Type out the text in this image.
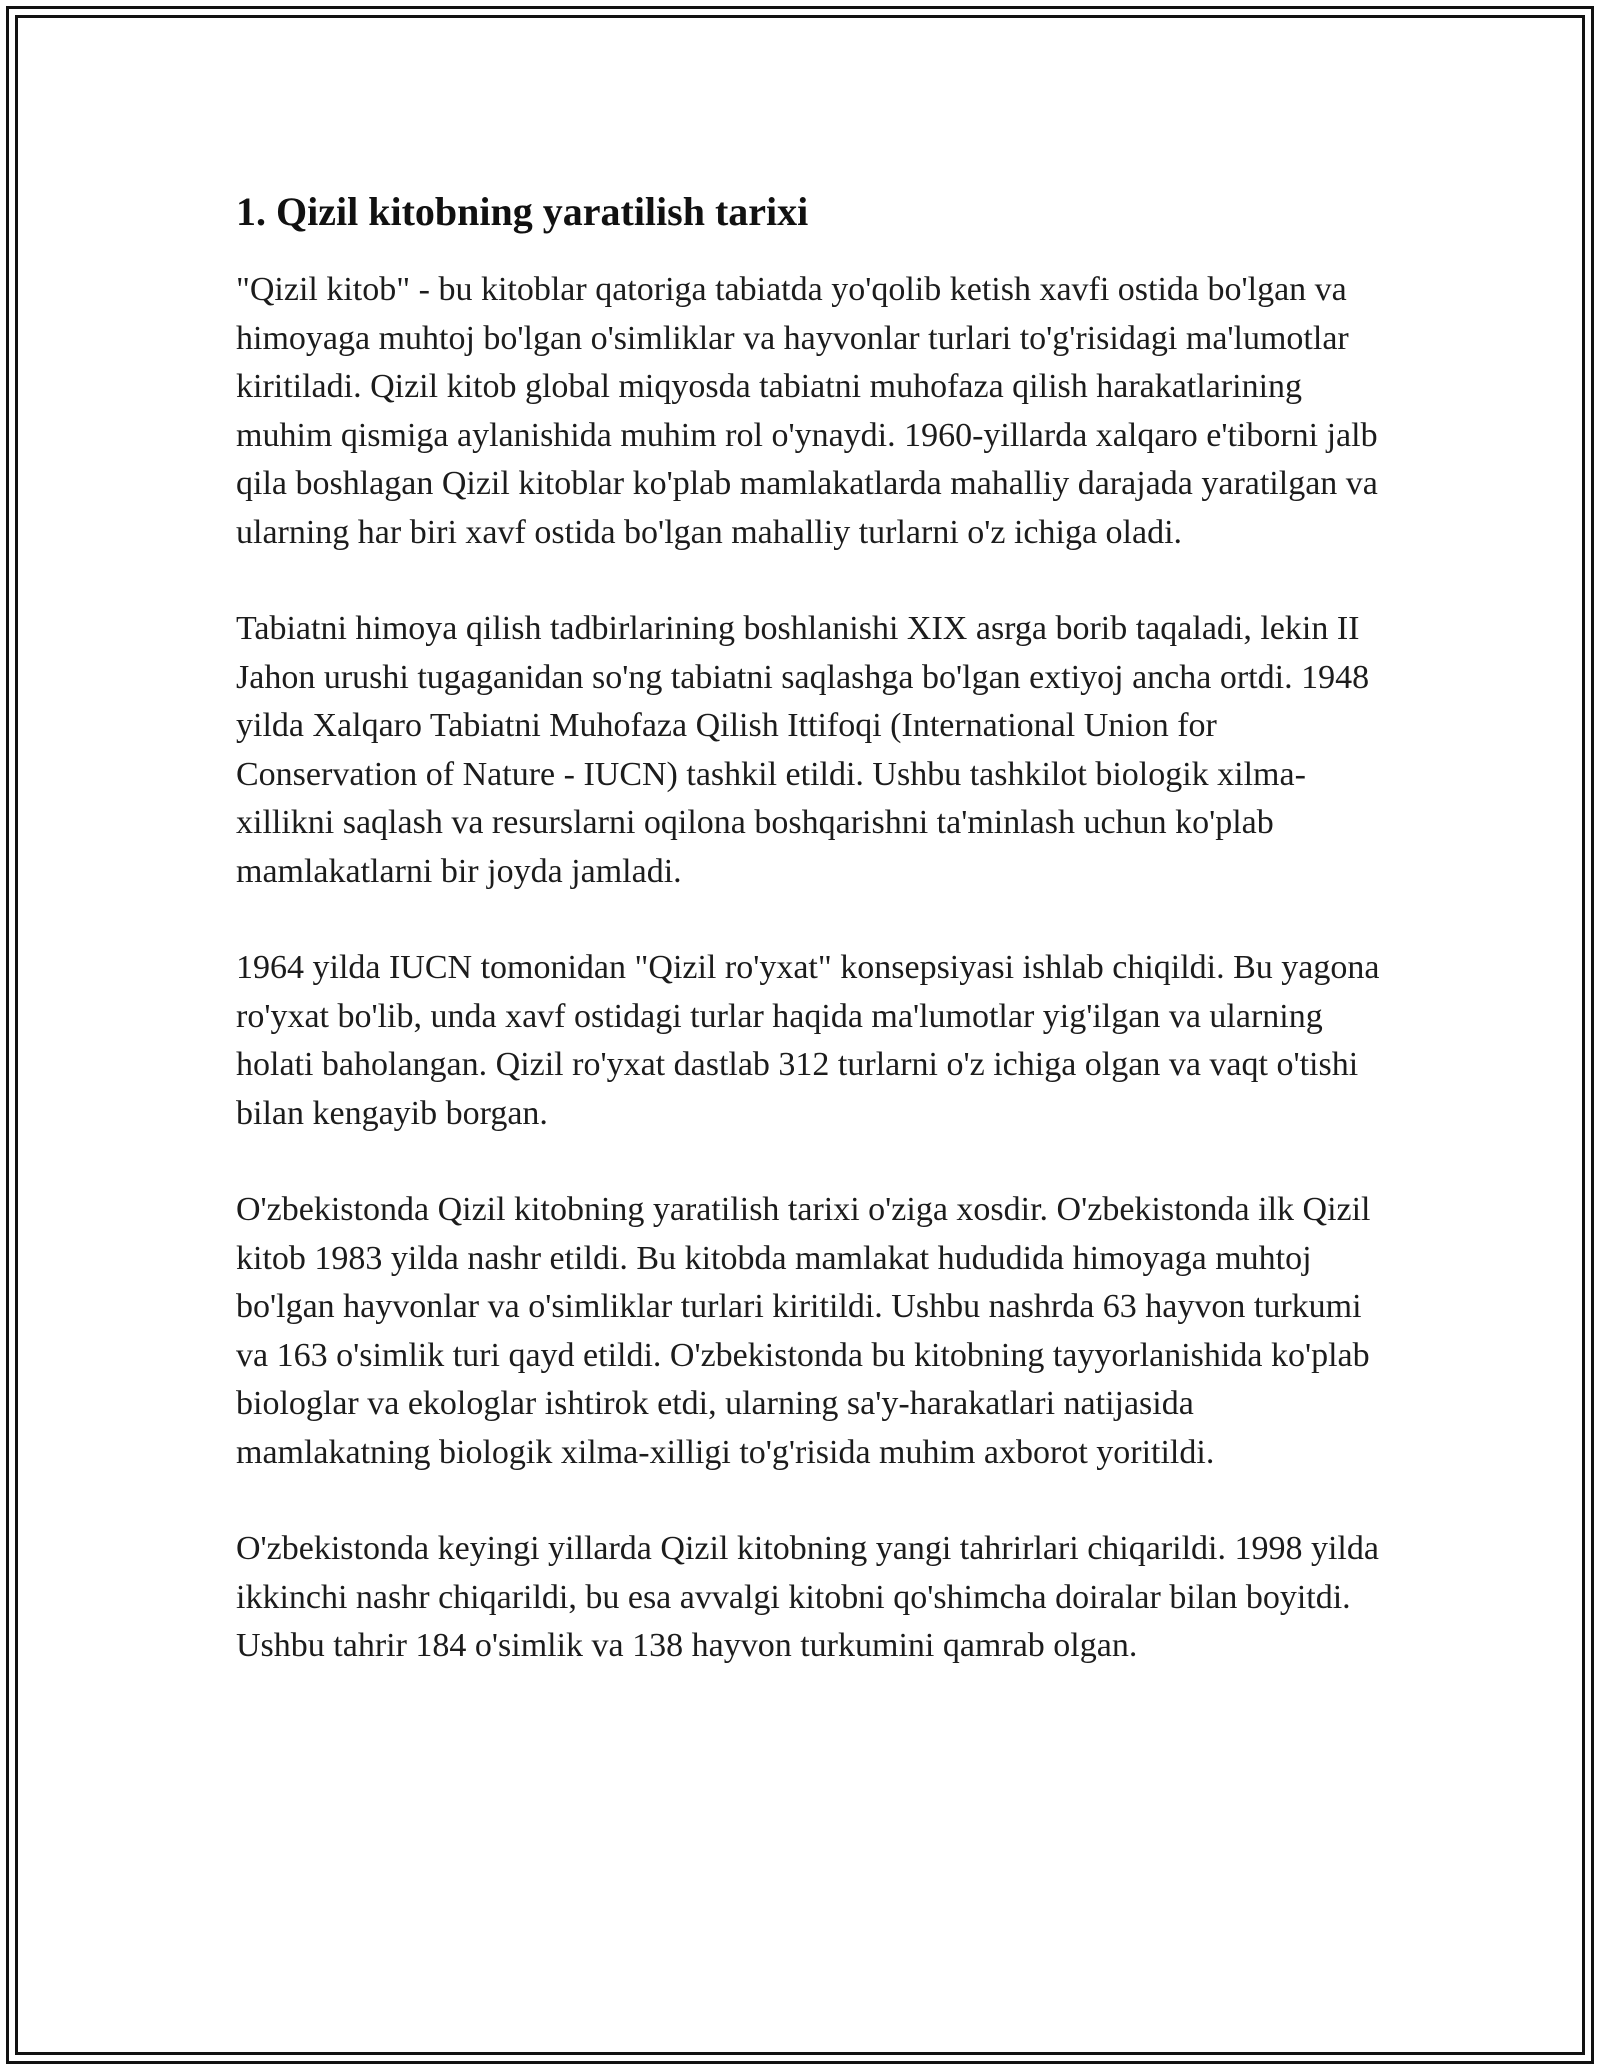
1. Qizil kitobning yaratilish tarixi

"Qizil kitob" - bu kitoblar qatoriga tabiatda yo'qolib ketish xavfi ostida bo'lgan va himoyaga muhtoj bo'lgan o'simliklar va hayvonlar turlari to'g'risidagi ma'lumotlar kiritiladi. Qizil kitob global miqyosda tabiatni muhofaza qilish harakatlarining muhim qismiga aylanishida muhim rol o'ynaydi. 1960-yillarda xalqaro e'tiborni jalb qila boshlagan Qizil kitoblar ko'plab mamlakatlarda mahalliy darajada yaratilgan va ularning har biri xavf ostida bo'lgan mahalliy turlarni o'z ichiga oladi.

Tabiatni himoya qilish tadbirlarining boshlanishi XIX asrga borib taqaladi, lekin II Jahon urushi tugaganidan so'ng tabiatni saqlashga bo'lgan extiyoj ancha ortdi. 1948 yilda Xalqaro Tabiatni Muhofaza Qilish Ittifoqi (International Union for Conservation of Nature - IUCN) tashkil etildi. Ushbu tashkilot biologik xilma-xillikni saqlash va resurslarni oqilona boshqarishni ta'minlash uchun ko'plab mamlakatlarni bir joyda jamladi.

1964 yilda IUCN tomonidan "Qizil ro'yxat" konsepsiyasi ishlab chiqildi. Bu yagona ro'yxat bo'lib, unda xavf ostidagi turlar haqida ma'lumotlar yig'ilgan va ularning holati baholangan. Qizil ro'yxat dastlab 312 turlarni o'z ichiga olgan va vaqt o'tishi bilan kengayib borgan.

O'zbekistonda Qizil kitobning yaratilish tarixi o'ziga xosdir. O'zbekistonda ilk Qizil kitob 1983 yilda nashr etildi. Bu kitobda mamlakat hududida himoyaga muhtoj bo'lgan hayvonlar va o'simliklar turlari kiritildi. Ushbu nashrda 63 hayvon turkumi va 163 o'simlik turi qayd etildi. O'zbekistonda bu kitobning tayyorlanishida ko'plab biologlar va ekologlar ishtirok etdi, ularning sa'y-harakatlari natijasida mamlakatning biologik xilma-xilligi to'g'risida muhim axborot yoritildi.

O'zbekistonda keyingi yillarda Qizil kitobning yangi tahrirlari chiqarildi. 1998 yilda ikkinchi nashr chiqarildi, bu esa avvalgi kitobni qo'shimcha doiralar bilan boyitdi. Ushbu tahrir 184 o'simlik va 138 hayvon turkumini qamrab olgan.
